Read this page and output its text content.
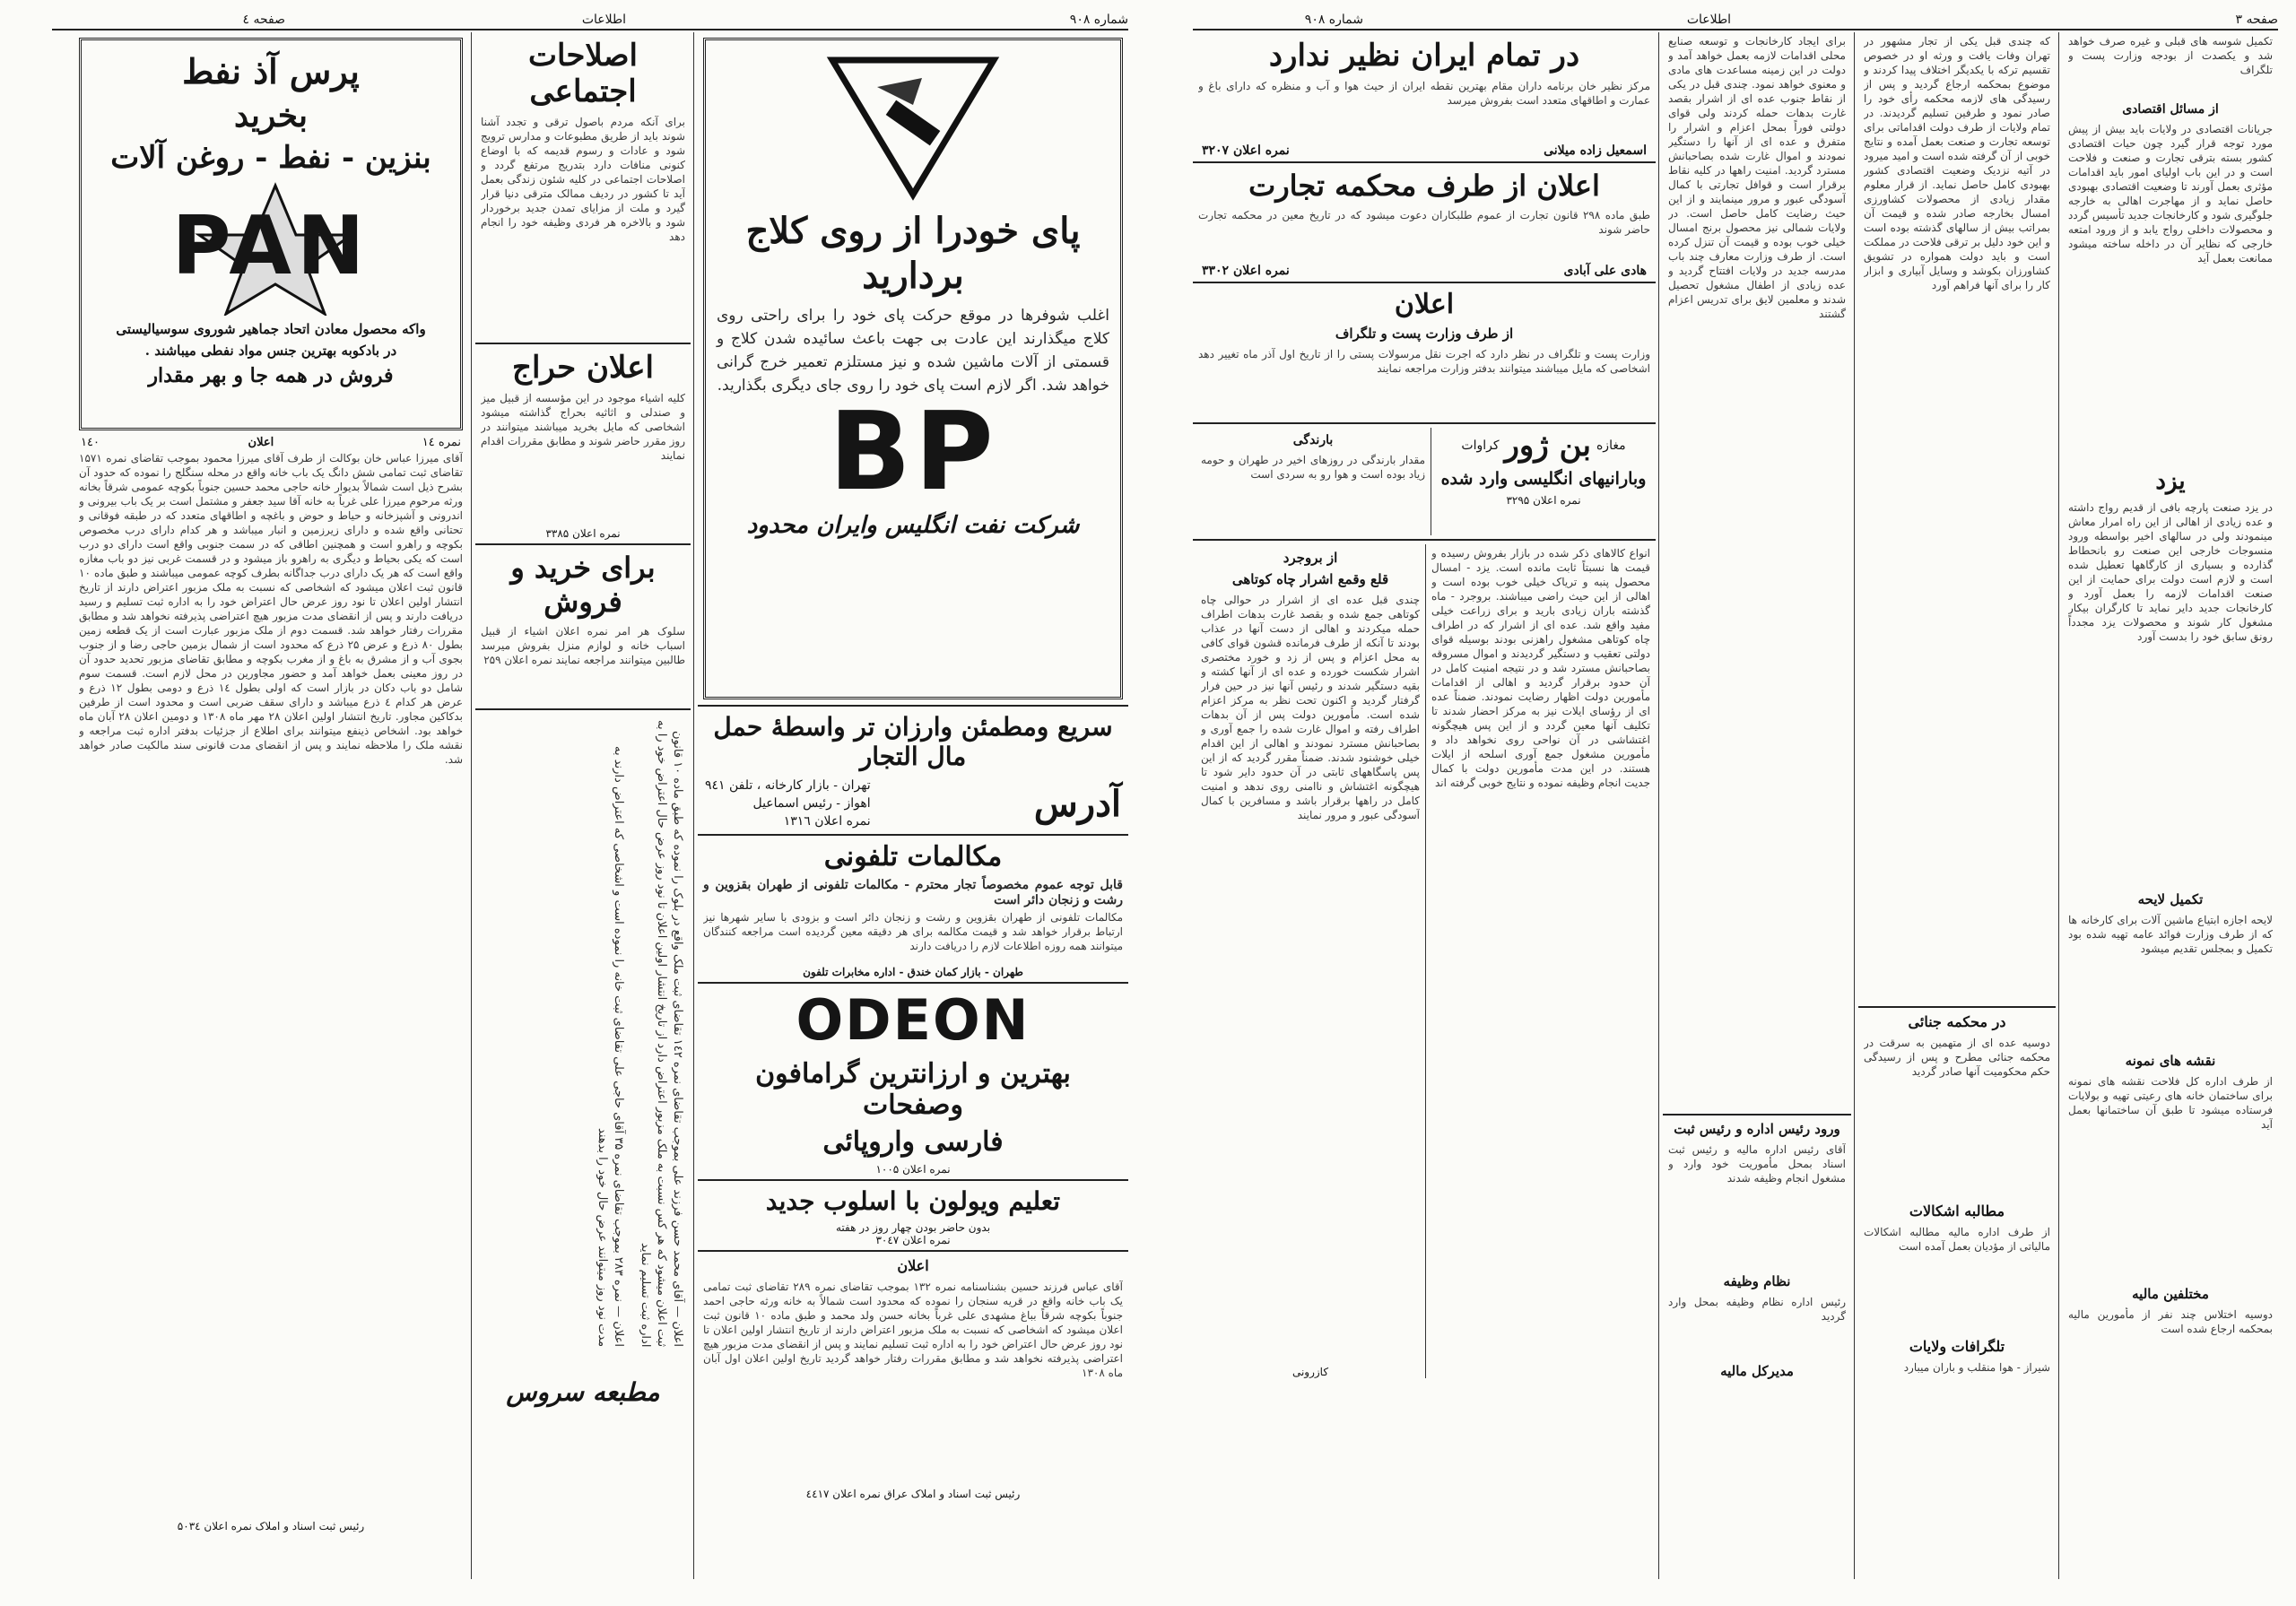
شماره ۹۰۸
اطلاعات
صفحه ٤
پای خودرا از روی کلاج بردارید
اغلب شوفرها در موقع حرکت پای خود را برای راحتی روی کلاج میگذارند این عادت بی جهت باعث سائیده شدن کلاج و قسمتی از آلات ماشین شده و نیز مستلزم تعمیر خرج گرانی خواهد شد. اگر لازم است پای خود را روی جای دیگری بگذارید.
BP
شرکت نفت انگلیس وایران محدود
سریع ومطمئن وارزان تر واسطهٔ حمل مال التجار
آدرس
تهران - بازار کارخانه ، تلفن ۹٤۱
اهواز - رئیس اسماعیل
نمره اعلان ۱۳۱٦
مکالمات تلفونی
قابل توجه عموم مخصوصاً تجار محترم - مکالمات تلفونی از طهران بقزوین و رشت و زنجان دائر است
مکالمات تلفونی از طهران بقزوین و رشت و زنجان دائر است و بزودی با سایر شهرها نیز ارتباط برقرار خواهد شد و قیمت مکالمه برای هر دقیقه معین گردیده است مراجعه کنندگان میتوانند همه روزه اطلاعات لازم را دریافت دارند
طهران - بازار کمان خندق - اداره مخابرات تلفون
ODEON
بهترین و ارزانترین گرامافون وصفحات
فارسی واروپائی
نمره اعلان ۱۰۰۵
تعلیم ویولون با اسلوب جدید
بدون حاضر بودن چهار روز در هفته
نمره اعلان ۳۰٤۷
اعلان
آقای عباس فرزند حسین بشناسنامه نمره ۱۳۲ بموجب تقاضای نمره ۲۸۹ تقاضای ثبت تمامی یک باب خانه واقع در قریه سنجان را نموده که محدود است شمالاً به خانه ورثه حاجی احمد جنوباً بکوچه شرقاً بباغ مشهدی علی غرباً بخانه حسن ولد محمد و طبق ماده ۱۰ قانون ثبت اعلان میشود که اشخاصی که نسبت به ملک مزبور اعتراض دارند از تاریخ انتشار اولین اعلان تا نود روز عرض حال اعتراض خود را به اداره ثبت تسلیم نمایند و پس از انقضای مدت مزبور هیچ اعتراضی پذیرفته نخواهد شد و مطابق مقررات رفتار خواهد گردید تاریخ اولین اعلان اول آبان ماه ۱۳۰۸
رئیس ثبت اسناد و املاک عراق نمره اعلان ٤٤١۷
اصلاحات اجتماعی
برای آنکه مردم باصول ترقی و تجدد آشنا شوند باید از طریق مطبوعات و مدارس ترویج شود و عادات و رسوم قدیمه که با اوضاع کنونی منافات دارد بتدریج مرتفع گردد و اصلاحات اجتماعی در کلیه شئون زندگی بعمل آید تا کشور در ردیف ممالک مترقی دنیا قرار گیرد و ملت از مزایای تمدن جدید برخوردار شود و بالاخره هر فردی وظیفه خود را انجام دهد
اعلان حراج
کلیه اشیاء موجود در این مؤسسه از قبیل میز و صندلی و اثاثیه بحراج گذاشته میشود اشخاصی که مایل بخرید میباشند میتوانند در روز مقرر حاضر شوند و مطابق مقررات اقدام نمایند
نمره اعلان ۳۳۸۵
برای خرید و فروش
سلوک هر امر نمره اعلان اشیاء از قبیل اسباب خانه و لوازم منزل بفروش میرسد طالبین میتوانند مراجعه نمایند نمره اعلان ۲۵۹
اعلان — آقای محمد حسن فرزند علی بموجب تقاضای نمره ۱٤۲ تقاضای ثبت ملک واقع در بلوک را نموده که طبق ماده ۱۰ قانون ثبت اعلان میشود که هر کس نسبت به ملک مزبور اعتراض دارد از تاریخ انتشار اولین اعلان تا نود روز عرض حال اعتراض خود را به اداره ثبت تسلیم نماید
اعلان — نمره ۲۸۳ بموجب تقاضای نمره ۳۵ آقای حاجی علی تقاضای ثبت خانه را نموده است و اشخاصی که اعتراض دارند به مدت نود روز میتوانند عرض حال خود را بدهند
مطبعه سروس
پرس آذ نفط
بخرید
بنزین - نفط - روغن آلات
PAN
واکه محصول معادن اتحاد جماهیر شوروی سوسیالیستی
در بادکوبه بهترین جنس مواد نفطی میباشند .
فروش در همه جا و بهر مقدار
نمره ۱٤
اعلان
۱٤۰
آقای میرزا عباس خان بوکالت از طرف آقای میرزا محمود بموجب تقاضای نمره ۱۵۷۱ تقاضای ثبت تمامی شش دانگ یک باب خانه واقع در محله سنگلج را نموده که حدود آن بشرح ذیل است شمالاً بدیوار خانه حاجی محمد حسین جنوباً بکوچه عمومی شرقاً بخانه ورثه مرحوم میرزا علی غرباً به خانه آقا سید جعفر و مشتمل است بر یک باب بیرونی و اندرونی و آشپزخانه و حیاط و حوض و باغچه و اطاقهای متعدد که در طبقه فوقانی و تحتانی واقع شده و دارای زیرزمین و انبار میباشد و هر کدام دارای درب مخصوص بکوچه و راهرو است و همچنین اطاقی که در سمت جنوبی واقع است دارای دو درب است که یکی بحیاط و دیگری به راهرو باز میشود و در قسمت غربی نیز دو باب مغازه واقع است که هر یک دارای درب جداگانه بطرف کوچه عمومی میباشند و طبق ماده ۱۰ قانون ثبت اعلان میشود که اشخاصی که نسبت به ملک مزبور اعتراض دارند از تاریخ انتشار اولین اعلان تا نود روز عرض حال اعتراض خود را به اداره ثبت تسلیم و رسید دریافت دارند و پس از انقضای مدت مزبور هیچ اعتراضی پذیرفته نخواهد شد و مطابق مقررات رفتار خواهد شد. قسمت دوم از ملک مزبور عبارت است از یک قطعه زمین بطول ۸۰ ذرع و عرض ۲۵ ذرع که محدود است از شمال بزمین حاجی رضا و از جنوب بجوی آب و از مشرق به باغ و از مغرب بکوچه و مطابق تقاضای مزبور تحدید حدود آن در روز معینی بعمل خواهد آمد و حضور مجاورین در محل لازم است. قسمت سوم شامل دو باب دکان در بازار است که اولی بطول ۱٤ ذرع و دومی بطول ۱۲ ذرع و عرض هر کدام ٤ ذرع میباشد و دارای سقف ضربی است و محدود است از طرفین بدکاکین مجاور. تاریخ انتشار اولین اعلان ۲۸ مهر ماه ۱۳۰۸ و دومین اعلان ۲۸ آبان ماه خواهد بود. اشخاص ذینفع میتوانند برای اطلاع از جزئیات بدفتر اداره ثبت مراجعه و نقشه ملک را ملاحظه نمایند و پس از انقضای مدت قانونی سند مالکیت صادر خواهد شد.
رئیس ثبت اسناد و املاک نمره اعلان ۵۰۳٤
صفحه ۳
اطلاعات
شماره ۹۰۸
تکمیل شوسه های قبلی و غیره صرف خواهد شد و یکصدت از بودجه وزارت پست و تلگراف
از مسائل اقتصادی
جریانات اقتصادی در ولایات باید بیش از پیش مورد توجه قرار گیرد چون حیات اقتصادی کشور بسته بترقی تجارت و صنعت و فلاحت است و در این باب اولیای امور باید اقدامات مؤثری بعمل آورند تا وضعیت اقتصادی بهبودی حاصل نماید و از مهاجرت اهالی به خارجه جلوگیری شود و کارخانجات جدید تأسیس گردد و محصولات داخلی رواج یابد و از ورود امتعه خارجی که نظایر آن در داخله ساخته میشود ممانعت بعمل آید
یزد
در یزد صنعت پارچه بافی از قدیم رواج داشته و عده زیادی از اهالی از این راه امرار معاش مینمودند ولی در سالهای اخیر بواسطه ورود منسوجات خارجی این صنعت رو بانحطاط گذارده و بسیاری از کارگاهها تعطیل شده است و لازم است دولت برای حمایت از این صنعت اقدامات لازمه را بعمل آورد و کارخانجات جدید دایر نماید تا کارگران بیکار مشغول کار شوند و محصولات یزد مجدداً رونق سابق خود را بدست آورد
تکمیل لایحه
لایحه اجازه ابتیاع ماشین آلات برای کارخانه ها که از طرف وزارت فوائد عامه تهیه شده بود تکمیل و بمجلس تقدیم میشود
نقشه های نمونه
از طرف اداره کل فلاحت نقشه های نمونه برای ساختمان خانه های رعیتی تهیه و بولایات فرستاده میشود تا طبق آن ساختمانها بعمل آید
مختلفین مالیه
دوسیه اختلاس چند نفر از مأمورین مالیه بمحکمه ارجاع شده است
که چندی قبل یکی از تجار مشهور در تهران وفات یافت و ورثه او در خصوص تقسیم ترکه با یکدیگر اختلاف پیدا کردند و موضوع بمحکمه ارجاع گردید و پس از رسیدگی های لازمه محکمه رأی خود را صادر نمود و طرفین تسلیم گردیدند. در تمام ولایات از طرف دولت اقداماتی برای توسعه تجارت و صنعت بعمل آمده و نتایج خوبی از آن گرفته شده است و امید میرود در آتیه نزدیک وضعیت اقتصادی کشور بهبودی کامل حاصل نماید. از قرار معلوم مقدار زیادی از محصولات کشاورزی امسال بخارجه صادر شده و قیمت آن بمراتب بیش از سالهای گذشته بوده است و این خود دلیل بر ترقی فلاحت در مملکت است و باید دولت همواره در تشویق کشاورزان بکوشد و وسایل آبیاری و ابزار کار را برای آنها فراهم آورد
در محکمه جنائی
دوسیه عده ای از متهمین به سرقت در محکمه جنائی مطرح و پس از رسیدگی حکم محکومیت آنها صادر گردید
مطالبه اشکالات
از طرف اداره مالیه مطالبه اشکالات مالیاتی از مؤدیان بعمل آمده است
تلگرافات ولایات
شیراز - هوا منقلب و باران میبارد
برای ایجاد کارخانجات و توسعه صنایع محلی اقدامات لازمه بعمل خواهد آمد و دولت در این زمینه مساعدت های مادی و معنوی خواهد نمود. چندی قبل در یکی از نقاط جنوب عده ای از اشرار بقصد غارت بدهات حمله کردند ولی قوای دولتی فوراً بمحل اعزام و اشرار را متفرق و عده ای از آنها را دستگیر نمودند و اموال غارت شده بصاحبانش مسترد گردید. امنیت راهها در کلیه نقاط برقرار است و قوافل تجارتی با کمال آسودگی عبور و مرور مینمایند و از این حیث رضایت کامل حاصل است. در ولایات شمالی نیز محصول برنج امسال خیلی خوب بوده و قیمت آن تنزل کرده است. از طرف وزارت معارف چند باب مدرسه جدید در ولایات افتتاح گردید و عده زیادی از اطفال مشغول تحصیل شدند و معلمین لایق برای تدریس اعزام گشتند
ورود رئیس اداره و رئیس ثبت
آقای رئیس اداره مالیه و رئیس ثبت اسناد بمحل مأموریت خود وارد و مشغول انجام وظیفه شدند
نظام وظیفه
رئیس اداره نظام وظیفه بمحل وارد گردید
مدیرکل مالیه
در تمام ایران نظیر ندارد
مرکز نظیر خان برنامه داران مقام بهترین نقطه ایران از حیث هوا و آب و منظره که دارای باغ و عمارت و اطاقهای متعدد است بفروش میرسد
اسمعیل زاده میلانی
نمره اعلان ۳۲۰۷
اعلان از طرف محکمه تجارت
طبق ماده ۲۹۸ قانون تجارت از عموم طلبکاران دعوت میشود که در تاریخ معین در محکمه تجارت حاضر شوند
هادی علی آبادی
نمره اعلان ۳۳۰۲
اعلان
از طرف وزارت پست و تلگراف
وزارت پست و تلگراف در نظر دارد که اجرت نقل مرسولات پستی را از تاریخ اول آذر ماه تغییر دهد اشخاصی که مایل میباشند میتوانند بدفتر وزارت مراجعه نمایند
مغازه
بن ژور
کراوات
وبارانیهای انگلیسی وارد شده
نمره اعلان ۳۲۹۵
بارندگی
مقدار بارندگی در روزهای اخیر در طهران و حومه زیاد بوده است و هوا رو به سردی است
انواع کالاهای ذکر شده در بازار بفروش رسیده و قیمت ها نسبتاً ثابت مانده است. یزد - امسال محصول پنبه و تریاک خیلی خوب بوده است و اهالی از این حیث راضی میباشند. بروجرد - ماه گذشته باران زیادی بارید و برای زراعت خیلی مفید واقع شد. عده ای از اشرار که در اطراف چاه کوتاهی مشغول راهزنی بودند بوسیله قوای دولتی تعقیب و دستگیر گردیدند و اموال مسروقه بصاحبانش مسترد شد و در نتیجه امنیت کامل در آن حدود برقرار گردید و اهالی از اقدامات مأمورین دولت اظهار رضایت نمودند. ضمناً عده ای از رؤسای ایلات نیز به مرکز احضار شدند تا تکلیف آنها معین گردد و از این پس هیچگونه اغتشاشی در آن نواحی روی نخواهد داد و مأمورین مشغول جمع آوری اسلحه از ایلات هستند. در این مدت مأمورین دولت با کمال جدیت انجام وظیفه نموده و نتایج خوبی گرفته اند
از بروجرد
قلع وقمع اشرار چاه کوتاهی
چندی قبل عده ای از اشرار در حوالی چاه کوتاهی جمع شده و بقصد غارت بدهات اطراف حمله میکردند و اهالی از دست آنها در عذاب بودند تا آنکه از طرف فرمانده قشون قوای کافی به محل اعزام و پس از زد و خورد مختصری اشرار شکست خورده و عده ای از آنها کشته و بقیه دستگیر شدند و رئیس آنها نیز در حین فرار گرفتار گردید و اکنون تحت نظر به مرکز اعزام شده است. مأمورین دولت پس از آن بدهات اطراف رفته و اموال غارت شده را جمع آوری و بصاحبانش مسترد نمودند و اهالی از این اقدام خیلی خوشنود شدند. ضمناً مقرر گردید که از این پس پاسگاههای ثابتی در آن حدود دایر شود تا هیچگونه اغتشاش و ناامنی روی ندهد و امنیت کامل در راهها برقرار باشد و مسافرین با کمال آسودگی عبور و مرور نمایند
کازرونی
